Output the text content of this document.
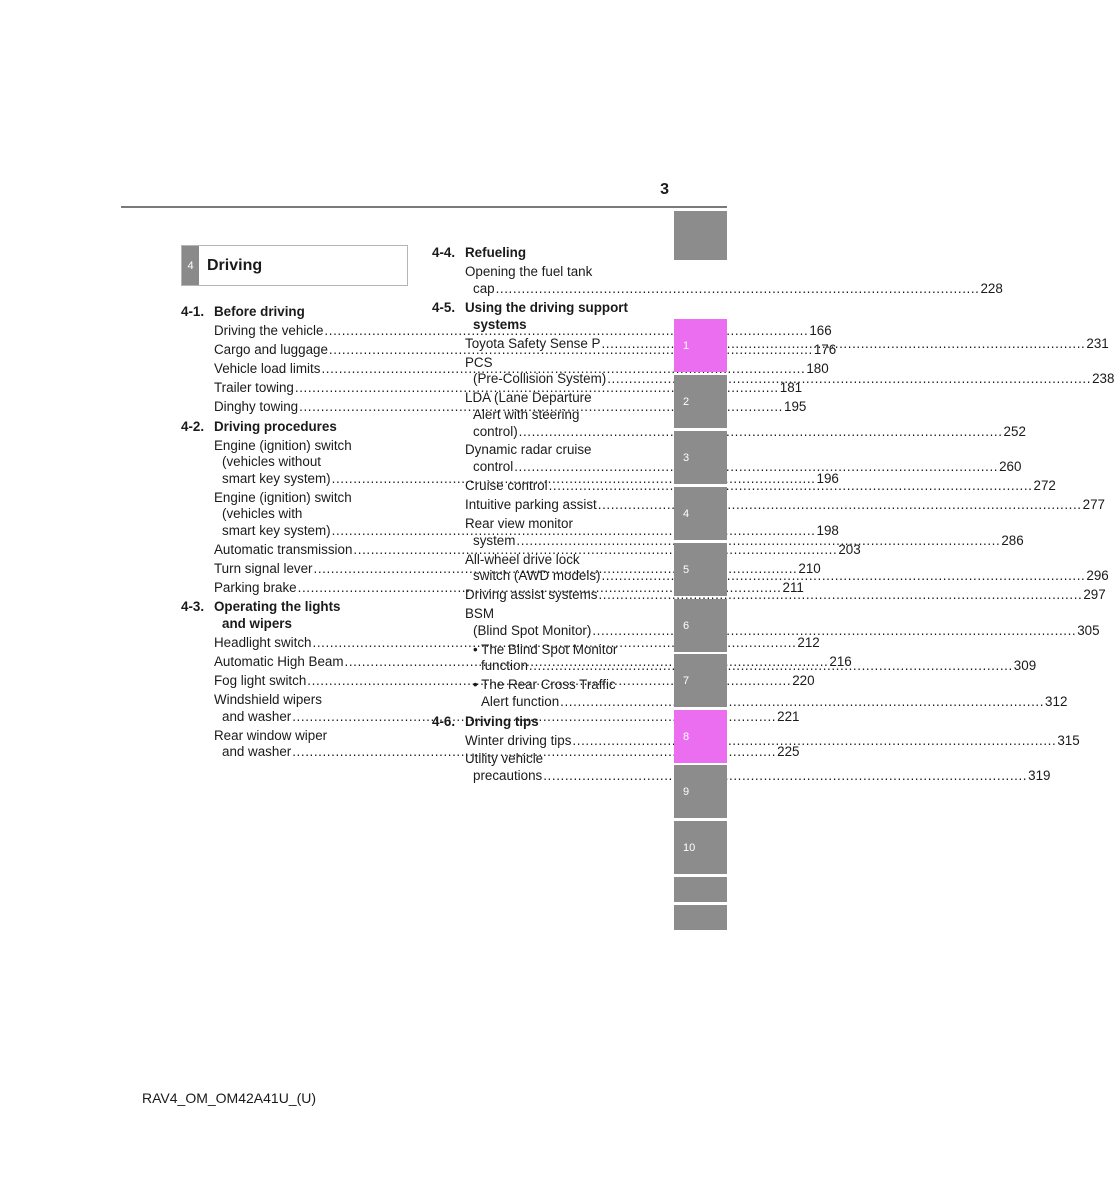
3
4 Driving
4-1. Before driving
Driving the vehicle .....	166
Cargo and luggage .....	176
Vehicle load limits .....	180
Trailer towing .....	181
Dinghy towing .....	195
4-2. Driving procedures
Engine (ignition) switch
(vehicles without
smart key system) .....	196
Engine (ignition) switch
(vehicles with
smart key system) .....	198
Automatic transmission .....	203
Turn signal lever .....	210
Parking brake .....	211
4-3. Operating the lights
and wipers
Headlight switch .....	212
Automatic High Beam .....	216
Fog light switch .....	220
Windshield wipers
and washer .....	221
Rear window wiper
and washer .....	225
4-4. Refueling
Opening the fuel tank
cap .....	228
4-5. Using the driving support
systems
Toyota Safety Sense P .....	231
PCS
(Pre-Collision System) .....	238
LDA (Lane Departure
Alert with steering
control) .....	252
Dynamic radar cruise
control .....	260
Cruise control .....	272
Intuitive parking assist .....	277
Rear view monitor
system .....	286
All-wheel drive lock
switch (AWD models) .....	296
Driving assist systems .....	297
BSM
(Blind Spot Monitor) .....	305
• The Blind Spot Monitor
function .....	309
• The Rear Cross Traffic
Alert function .....	312
4-6. Driving tips
Winter driving tips .....	315
Utility vehicle
precautions .....	319
1
2
3
4
5
6
7
8
9
10
RAV4_OM_OM42A41U_(U)
